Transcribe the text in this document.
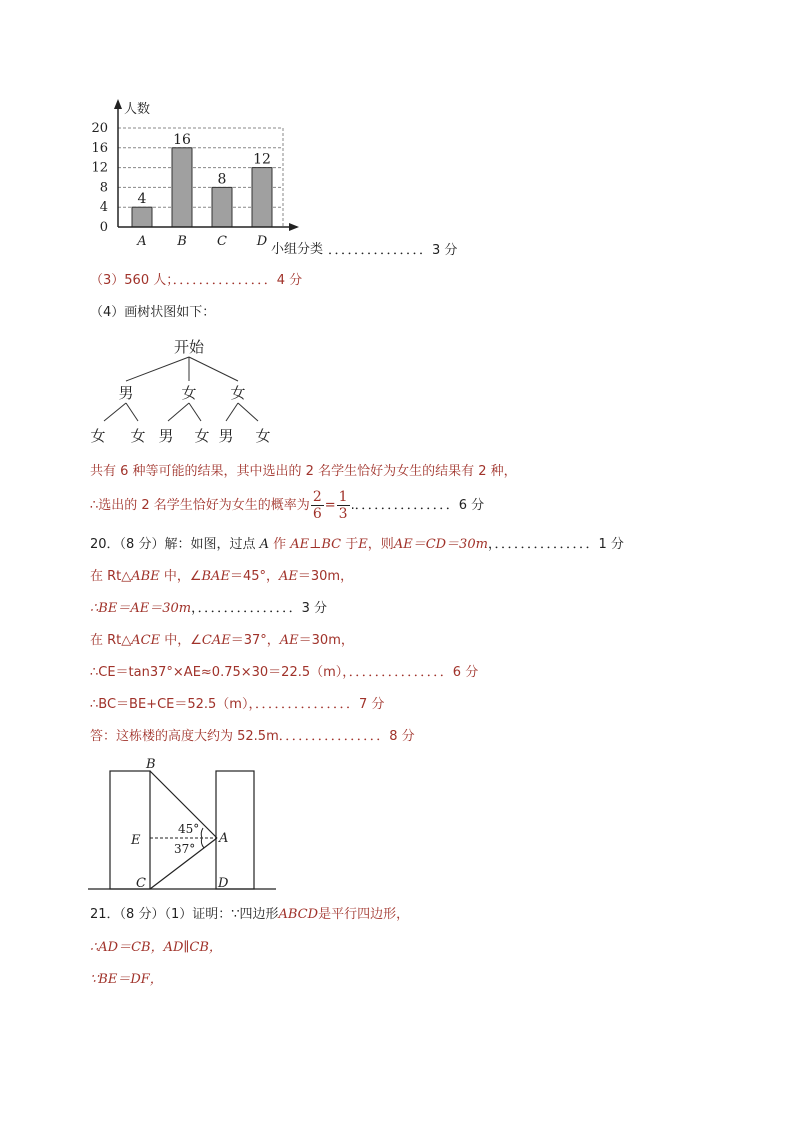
20
16
12
8
4
0
4
A
16
B
8
C
12
D
人数
小组分类 ．．．．．．．．．．．．．．．3 分
（3）560 人；．．．．．．．．．．．．．．．4 分
（4）画树状图如下：
开始
男	女 女
女 女 男 女 男 女
共有 6 种等可能的结果，其中选出的 2 名学生恰好为女生的结果有 2 种，
∴选出的 2 名学生恰好为女生的概率为 $\frac{2}{6} = \frac{1}{3}$ .．．．．．．．．．．．．．．．6 分
20．（8 分）解：如图，过点 A 作 AE⊥BC 于E，则AE＝CD＝30m，．．．．．．．．．．．．．．．1 分
在 Rt△ABE 中，∠BAE＝45°，AE＝30m，
∴BE＝AE＝30m，．．．．．．．．．．．．．．．3 分
在 Rt△ACE 中，∠CAE＝37°，AE＝30m，
∴CE＝tan37°×AE≈0.75×30＝22.5（m），．．．．．．．．．．．．．．．6 分
∴BC＝BE+CE＝52.5（m），．．．．．．．．．．．．．．．7 分
答：这栋楼的高度大约为 52.5m．．．．．．．．．．．．．．．．8 分
B
E
C	D
A
45°
37°
21．（8 分）（1）证明：∵四边形ABCD是平行四边形，
∴AD＝CB，AD∥CB，
∵BE＝DF，
